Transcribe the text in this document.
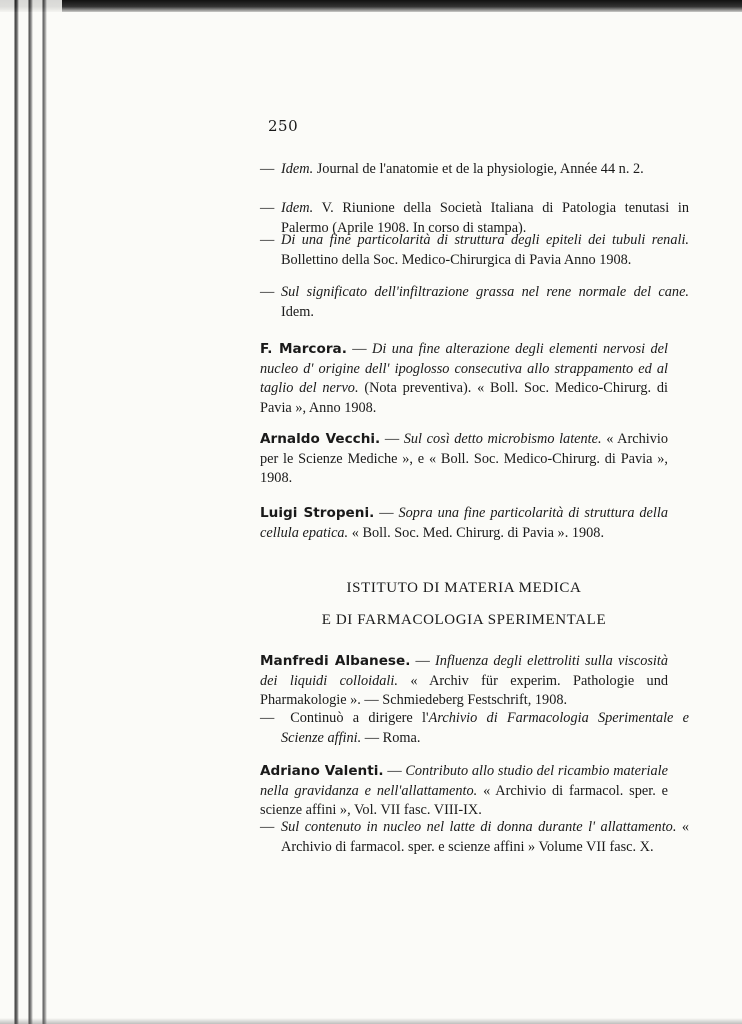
250

— Idem. Journal de l'anatomie et de la physiologie, Année 44 n. 2.

— Idem. V. Riunione della Società Italiana di Patologia tenutasi in Palermo (Aprile 1908. In corso di stampa).

— Di una fine particolarità di struttura degli epiteli dei tubuli renali. Bollettino della Soc. Medico-Chirurgica di Pavia Anno 1908.

— Sul significato dell'infiltrazione grassa nel rene normale del cane. Idem.

F. Marcora. — Di una fine alterazione degli elementi nervosi del nucleo d' origine dell' ipoglosso consecutiva allo strappamento ed al taglio del nervo. (Nota preventiva). « Boll. Soc. Medico-Chirurg. di Pavia », Anno 1908.

Arnaldo Vecchi. — Sul così detto microbismo latente. « Archivio per le Scienze Mediche », e « Boll. Soc. Medico-Chirurg. di Pavia », 1908.

Luigi Stropeni. — Sopra una fine particolarità di struttura della cellula epatica. « Boll. Soc. Med. Chirurg. di Pavia ». 1908.

ISTITUTO DI MATERIA MEDICA

E DI FARMACOLOGIA SPERIMENTALE

Manfredi Albanese. — Influenza degli elettroliti sulla viscosità dei liquidi colloidali. « Archiv für experim. Pathologie und Pharmakologie ». — Schmiedeberg Festschrift, 1908.

— Continuò a dirigere l'Archivio di Farmacologia Sperimentale e Scienze affini. — Roma.

Adriano Valenti. — Contributo allo studio del ricambio materiale nella gravidanza e nell'allattamento. « Archivio di farmacol. sper. e scienze affini », Vol. VII fasc. VIII-IX.

— Sul contenuto in nucleo nel latte di donna durante l' allattamento. « Archivio di farmacol. sper. e scienze affini » Volume VII fasc. X.
